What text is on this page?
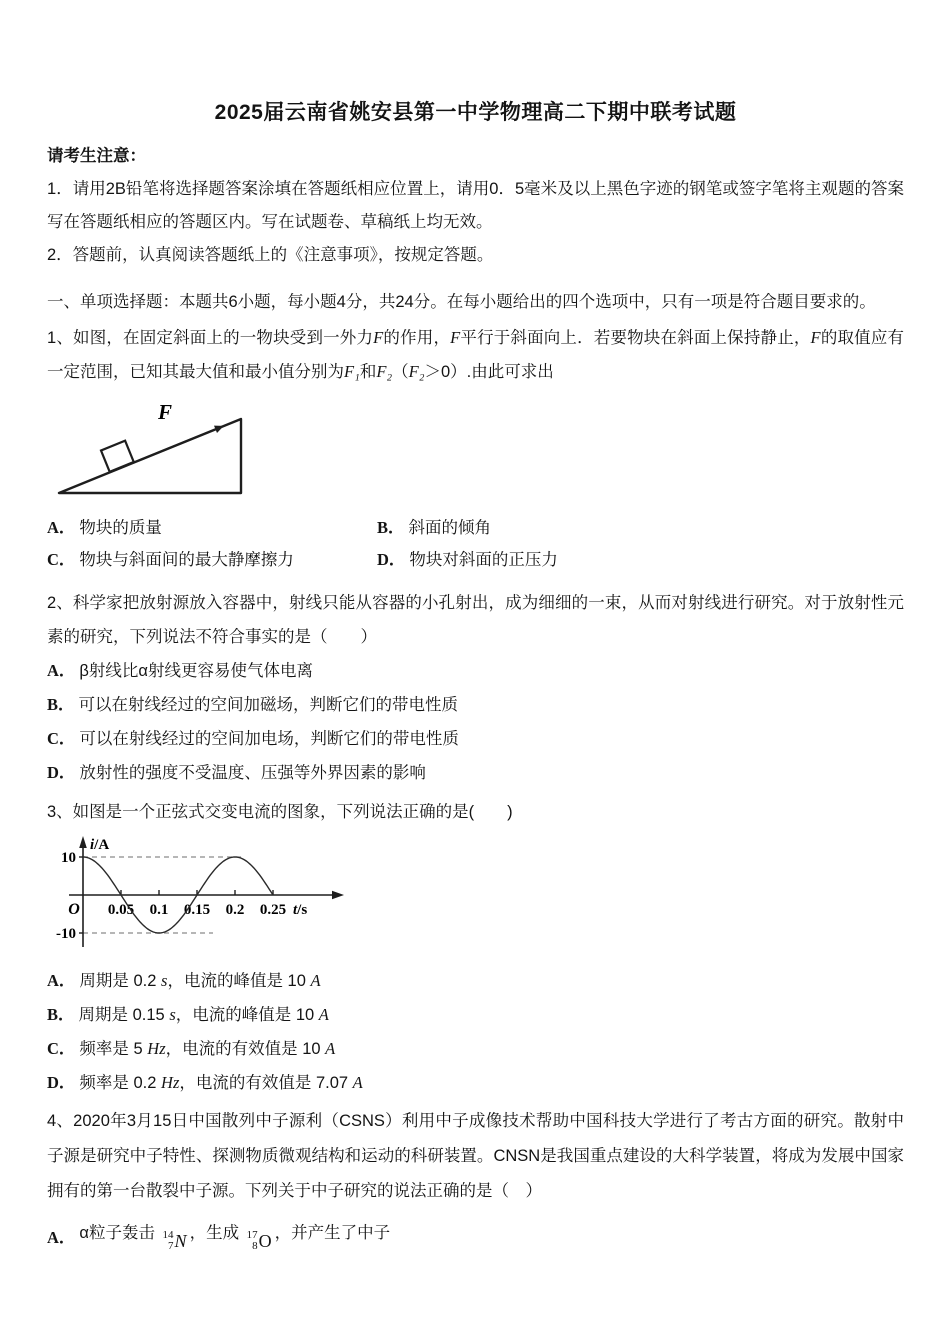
2025届云南省姚安县第一中学物理高二下期中联考试题
请考生注意：
1．请用2B铅笔将选择题答案涂填在答题纸相应位置上，请用0．5毫米及以上黑色字迹的钢笔或签字笔将主观题的答案写在答题纸相应的答题区内。写在试题卷、草稿纸上均无效。
2．答题前，认真阅读答题纸上的《注意事项》，按规定答题。
一、单项选择题：本题共6小题，每小题4分，共24分。在每小题给出的四个选项中，只有一项是符合题目要求的。
1、如图，在固定斜面上的一物块受到一外力F的作用，F平行于斜面向上．若要物块在斜面上保持静止，F的取值应有一定范围，已知其最大值和最小值分别为F₁和F₂（F₂＞0）.由此可求出
F
A． 物块的质量	B． 斜面的倾角
C． 物块与斜面间的最大静摩擦力	D． 物块对斜面的正压力
2、科学家把放射源放入容器中，射线只能从容器的小孔射出，成为细细的一束，从而对射线进行研究。对于放射性元素的研究，下列说法不符合事实的是（　　）
A． β射线比α射线更容易使气体电离
B． 可以在射线经过的空间加磁场，判断它们的带电性质
C． 可以在射线经过的空间加电场，判断它们的带电性质
D． 放射性的强度不受温度、压强等外界因素的影响
3、如图是一个正弦式交变电流的图象，下列说法正确的是(　　)
10
-10
0.05 0.1 0.15 0.2 0.25
O
i/A
t/s
A． 周期是 0.2 s，电流的峰值是 10 A
B． 周期是 0.15 s，电流的峰值是 10 A
C． 频率是 5 Hz，电流的有效值是 10 A
D． 频率是 0.2 Hz，电流的有效值是 7.07 A
4、2020年3月15日中国散列中子源利（CSNS）利用中子成像技术帮助中国科技大学进行了考古方面的研究。散射中子源是研究中子特性、探测物质微观结构和运动的科研装置。CNSN是我国重点建设的大科学装置，将成为发展中国家拥有的第一台散裂中子源。下列关于中子研究的说法正确的是（　）
A． α粒子轰击 14
7 N ，生成 17
8 O ，并产生了中子
